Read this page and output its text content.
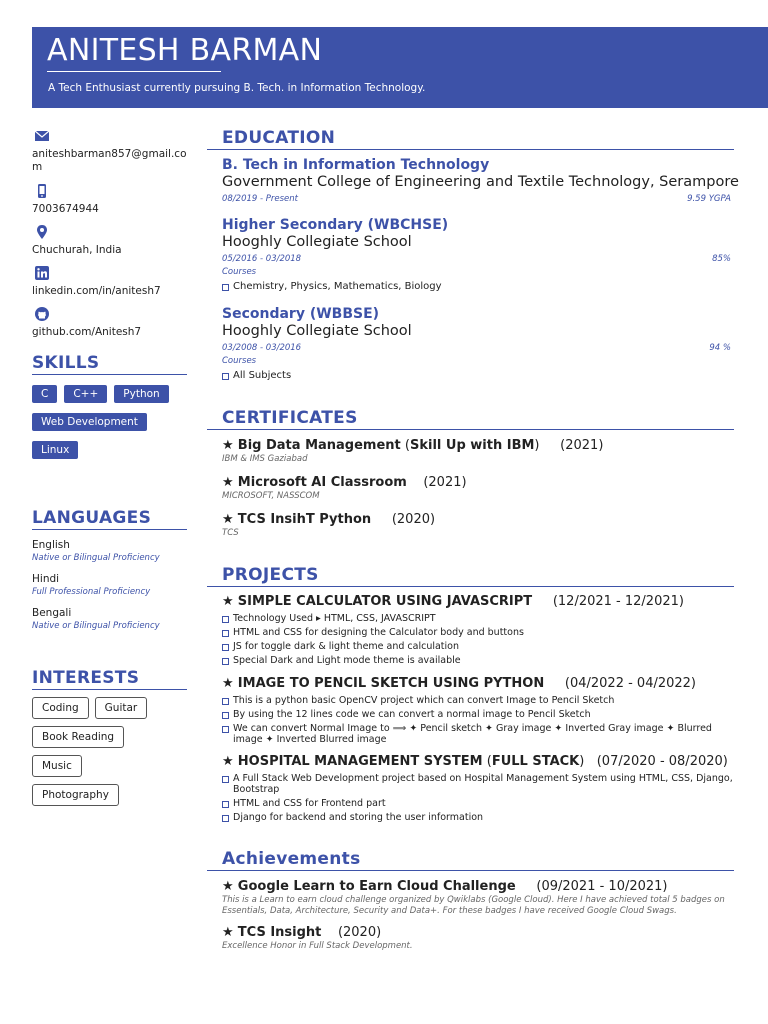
ANITESH BARMAN
A Tech Enthusiast currently pursuing B. Tech. in Information Technology.
aniteshbarman857@gmail.com
7003674944
Chuchurah, India
linkedin.com/in/anitesh7
github.com/Anitesh7
SKILLS
C	C++	Python
Web Development
Linux
LANGUAGES
English
Native or Bilingual Proficiency
Hindi
Full Professional Proficiency
Bengali
Native or Bilingual Proficiency
INTERESTS
Coding	Guitar
Book Reading
Music
Photography
EDUCATION
B. Tech in Information Technology
Government College of Engineering and Textile Technology, Serampore
08/2019 - Present	9.59 YGPA
Higher Secondary (WBCHSE)
Hooghly Collegiate School
05/2016 - 03/2018	85%
Courses
Chemistry, Physics, Mathematics, Biology
Secondary (WBBSE)
Hooghly Collegiate School
03/2008 - 03/2016	94 %
Courses
All Subjects
CERTIFICATES
★ Big Data Management (Skill Up with IBM) (2021)
IBM & IMS Gaziabad
★ Microsoft AI Classroom (2021)
MICROSOFT, NASSCOM
★ TCS InsihT Python (2020)
TCS
PROJECTS
★ SIMPLE CALCULATOR USING JAVASCRIPT (12/2021 - 12/2021)
Technology Used ▸ HTML, CSS, JAVASCRIPT
HTML and CSS for designing the Calculator body and buttons
JS for toggle dark & light theme and calculation
Special Dark and Light mode theme is available
★ IMAGE TO PENCIL SKETCH USING PYTHON (04/2022 - 04/2022)
This is a python basic OpenCV project which can convert Image to Pencil Sketch
By using the 12 lines code we can convert a normal image to Pencil Sketch
We can convert Normal Image to ⟹ ✦ Pencil sketch ✦ Gray image ✦ Inverted Gray image ✦ Blurred image ✦ Inverted Blurred image
★ HOSPITAL MANAGEMENT SYSTEM (FULL STACK) (07/2020 - 08/2020)
A Full Stack Web Development project based on Hospital Management System using HTML, CSS, Django, Bootstrap
HTML and CSS for Frontend part
Django for backend and storing the user information
Achievements
★ Google Learn to Earn Cloud Challenge (09/2021 - 10/2021)
This is a Learn to earn cloud challenge organized by Qwiklabs (Google Cloud). Here I have achieved total 5 badges on Essentials, Data, Architecture, Security and Data+. For these badges I have received Google Cloud Swags.
★ TCS Insight (2020)
Excellence Honor in Full Stack Development.
